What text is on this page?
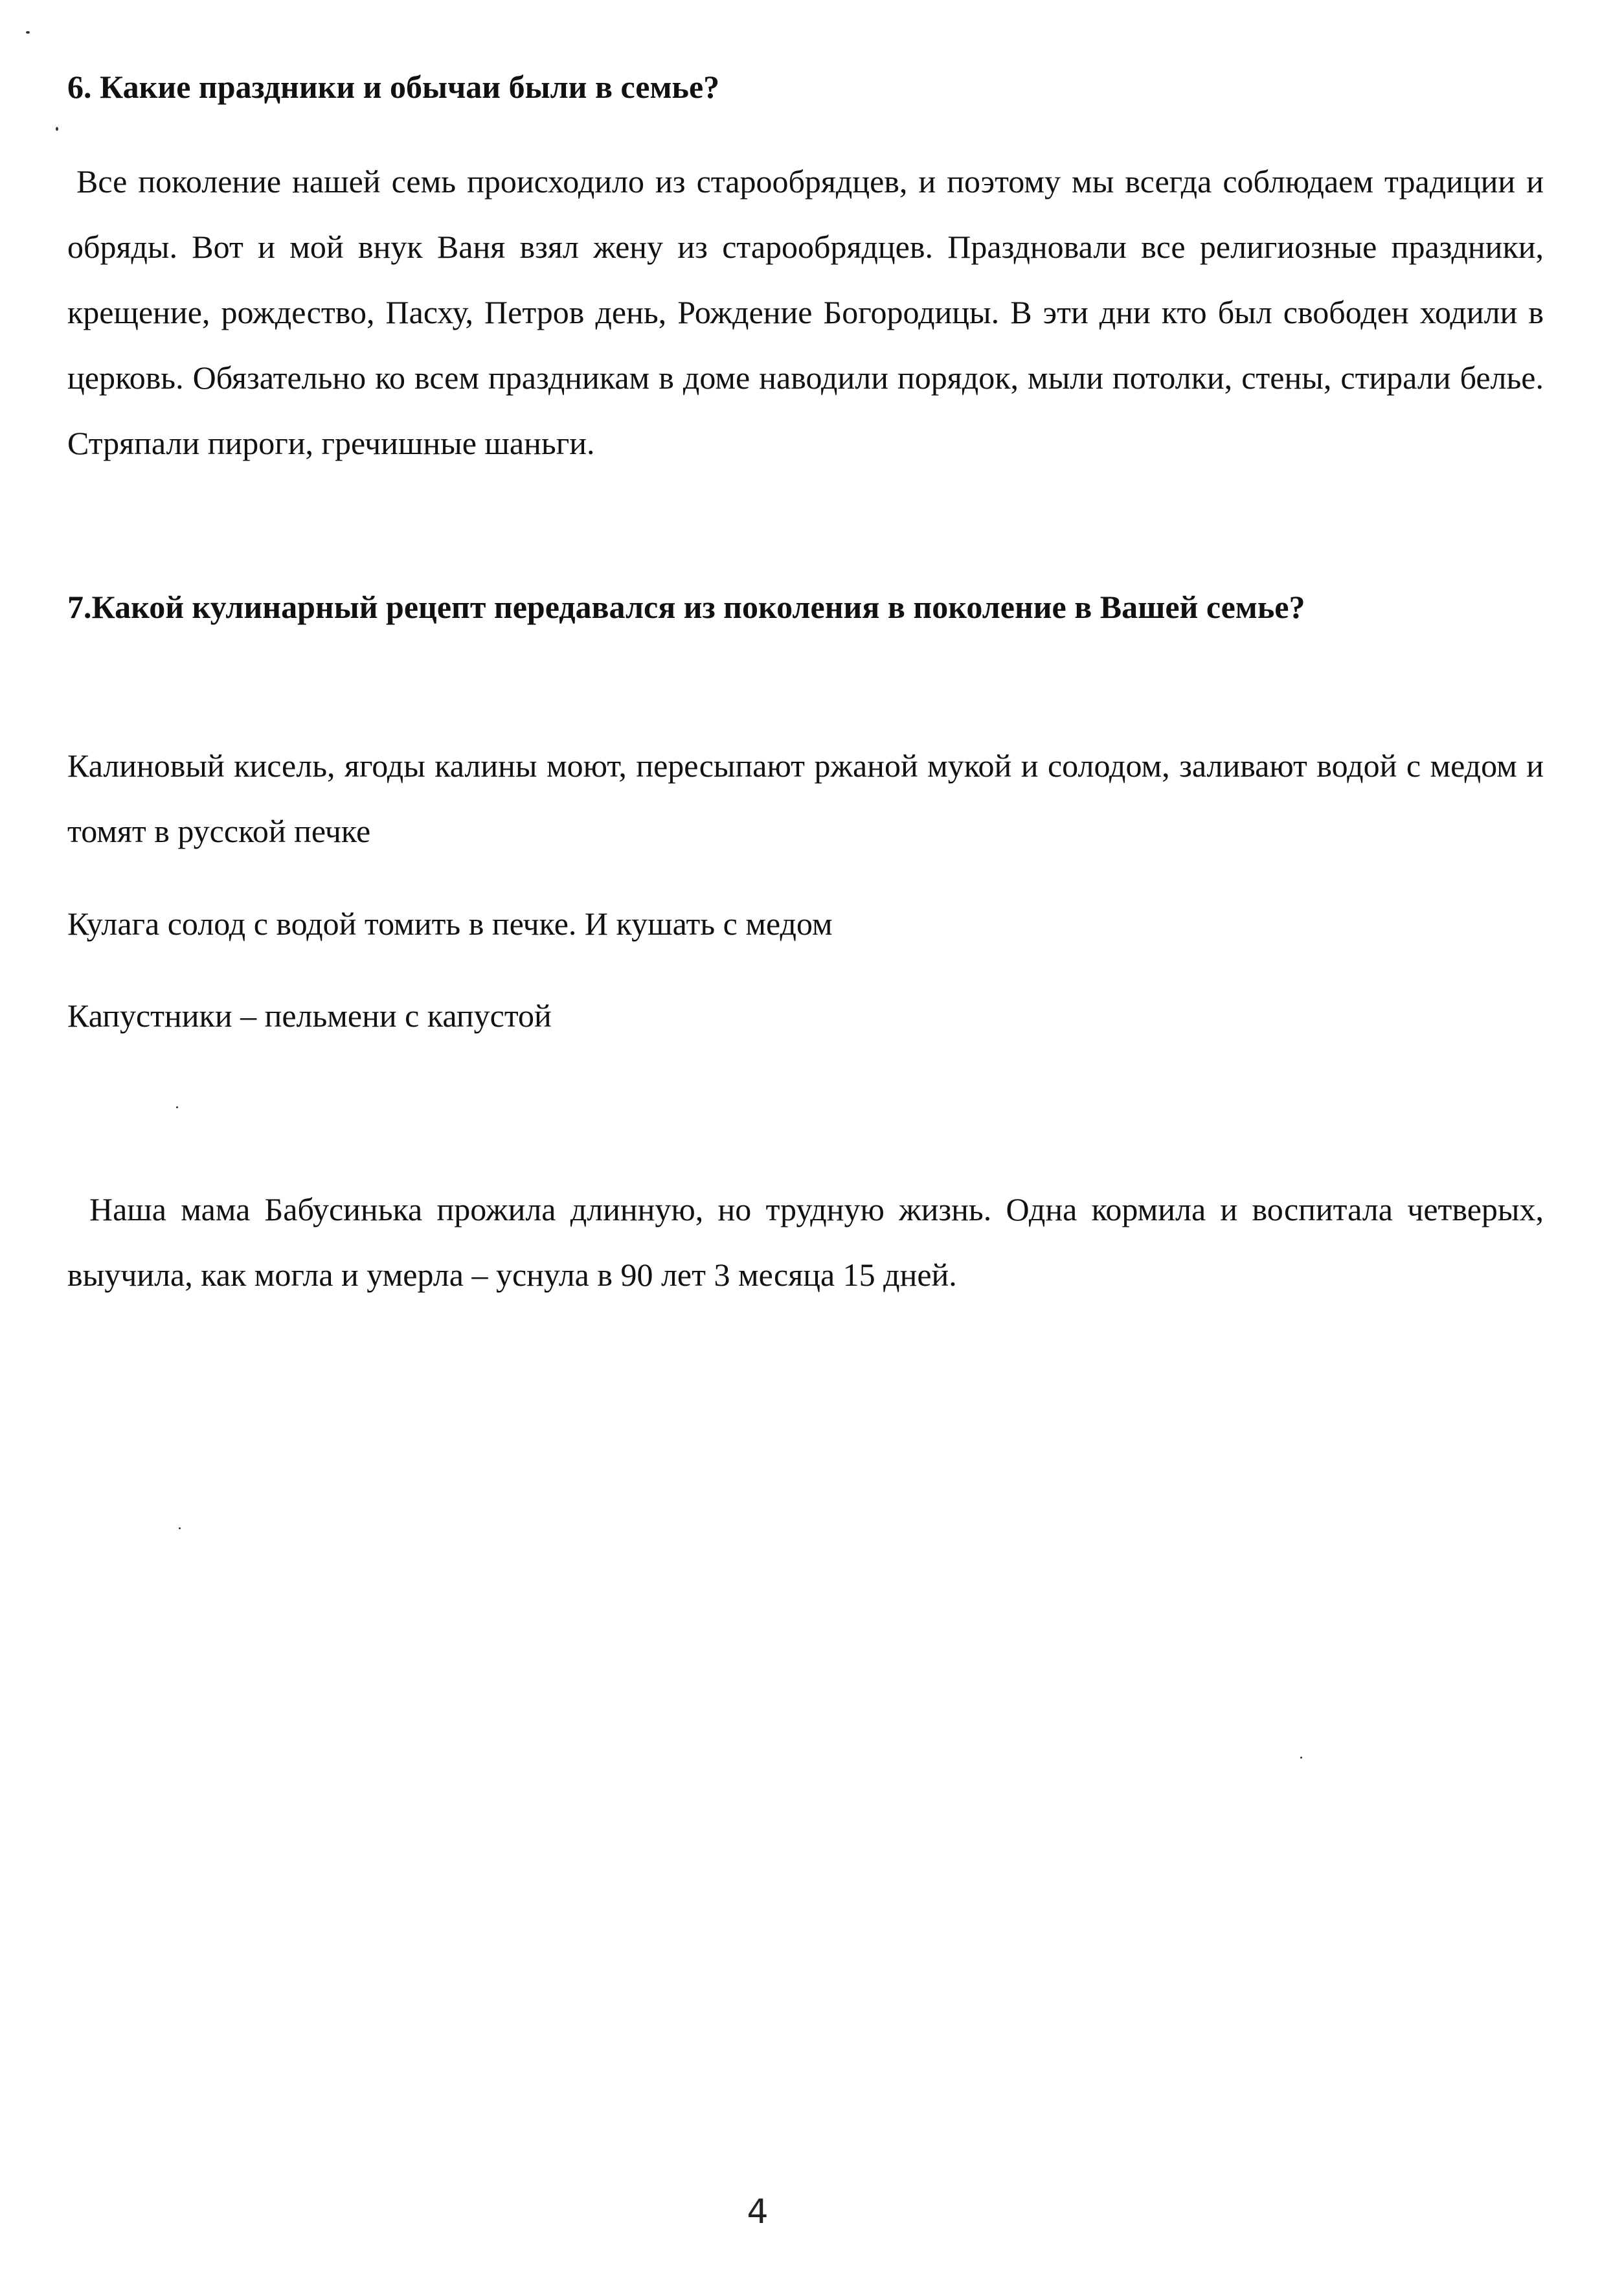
6. Какие праздники и обычаи были в семье?

Все поколение нашей семь происходило из старообрядцев, и поэтому мы всегда соблюдаем традиции и обряды. Вот и мой внук Ваня взял жену из старообрядцев. Праздновали все религиозные праздники, крещение, рождество, Пасху, Петров день, Рождение Богородицы. В эти дни кто был свободен ходили в церковь. Обязательно ко всем праздникам в доме наводили порядок, мыли потолки, стены, стирали белье. Стряпали пироги, гречишные шаньги.

7.Какой кулинарный рецепт передавался из поколения в поколение в Вашей семье?

Калиновый кисель, ягоды калины моют, пересыпают ржаной мукой и солодом, заливают водой с медом и томят в русской печке

Кулага солод с водой томить в печке. И кушать с медом

Капустники – пельмени с капустой

Наша мама Бабусинька прожила длинную, но трудную жизнь. Одна кормила и воспитала четверых, выучила, как могла и умерла – уснула в 90 лет 3 месяца 15 дней.

4
